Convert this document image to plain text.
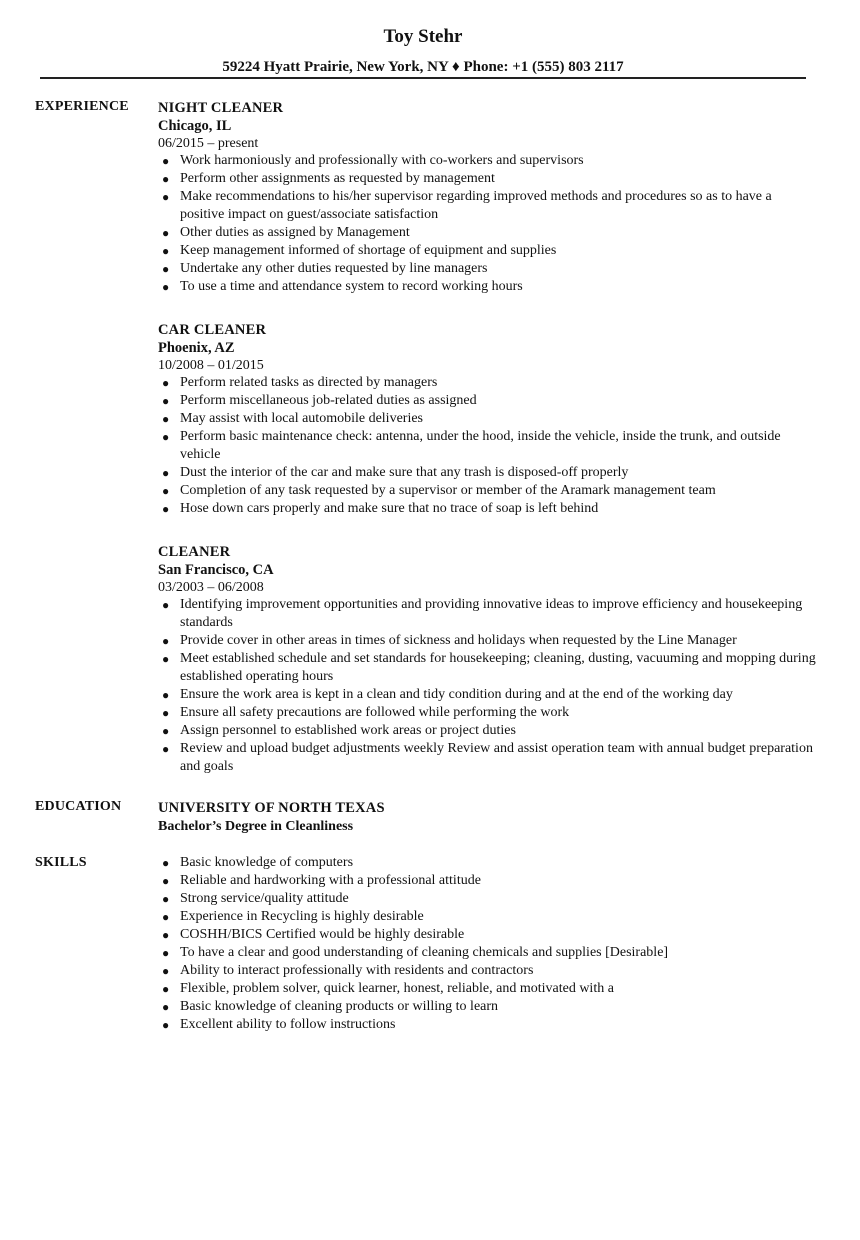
Toy Stehr
59224 Hyatt Prairie, New York, NY ♦ Phone: +1 (555) 803 2117
EXPERIENCE NIGHT CLEANER
Chicago, IL
06/2015 – present
● Work harmoniously and professionally with co-workers and supervisors
● Perform other assignments as requested by management
● Make recommendations to his/her supervisor regarding improved methods and procedures so as to have a positive impact on guest/associate satisfaction
● Other duties as assigned by Management
● Keep management informed of shortage of equipment and supplies
● Undertake any other duties requested by line managers
● To use a time and attendance system to record working hours
CAR CLEANER
Phoenix, AZ
10/2008 – 01/2015
● Perform related tasks as directed by managers
● Perform miscellaneous job-related duties as assigned
● May assist with local automobile deliveries
● Perform basic maintenance check: antenna, under the hood, inside the vehicle, inside the trunk, and outside vehicle
● Dust the interior of the car and make sure that any trash is disposed-off properly
● Completion of any task requested by a supervisor or member of the Aramark management team
● Hose down cars properly and make sure that no trace of soap is left behind
CLEANER
San Francisco, CA
03/2003 – 06/2008
● Identifying improvement opportunities and providing innovative ideas to improve efficiency and housekeeping standards
● Provide cover in other areas in times of sickness and holidays when requested by the Line Manager
● Meet established schedule and set standards for housekeeping; cleaning, dusting, vacuuming and mopping during established operating hours
● Ensure the work area is kept in a clean and tidy condition during and at the end of the working day
● Ensure all safety precautions are followed while performing the work
● Assign personnel to established work areas or project duties
● Review and upload budget adjustments weekly Review and assist operation team with annual budget preparation and goals
EDUCATION	UNIVERSITY OF NORTH TEXAS
Bachelor’s Degree in Cleanliness
SKILLS	● Basic knowledge of computers
● Reliable and hardworking with a professional attitude
● Strong service/quality attitude
● Experience in Recycling is highly desirable
● COSHH/BICS Certified would be highly desirable
● To have a clear and good understanding of cleaning chemicals and supplies [Desirable]
● Ability to interact professionally with residents and contractors
● Flexible, problem solver, quick learner, honest, reliable, and motivated with a
● Basic knowledge of cleaning products or willing to learn
● Excellent ability to follow instructions
